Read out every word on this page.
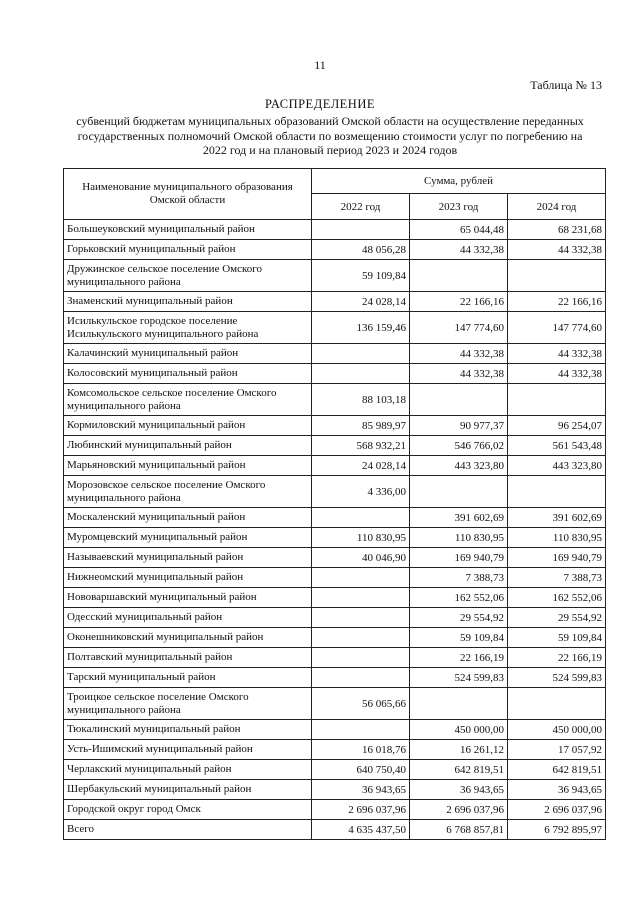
11
Таблица № 13
РАСПРЕДЕЛЕНИЕ
субвенций бюджетам муниципальных образований Омской области на осуществление переданных государственных полномочий Омской области по возмещению стоимости услуг по погребению на 2022 год и на плановый период 2023 и 2024 годов
Наименование муниципального образования Омской области	Сумма, рублей		
	2022 год	2023 год	2024 год
Большеуковский муниципальный район		65 044,48	68 231,68
Горьковский муниципальный район	48 056,28	44 332,38	44 332,38
Дружинское сельское поселение Омского муниципального района	59 109,84		
Знаменский муниципальный район	24 028,14	22 166,16	22 166,16
Исилькульское городское поселение Исилькульского муниципального района	136 159,46	147 774,60	147 774,60
Калачинский муниципальный район		44 332,38	44 332,38
Колосовский муниципальный район		44 332,38	44 332,38
Комсомольское сельское поселение Омского муниципального района	88 103,18		
Кормиловский муниципальный район	85 989,97	90 977,37	96 254,07
Любинский муниципальный район	568 932,21	546 766,02	561 543,48
Марьяновский муниципальный район	24 028,14	443 323,80	443 323,80
Морозовское сельское поселение Омского муниципального района	4 336,00		
Москаленский муниципальный район		391 602,69	391 602,69
Муромцевский муниципальный район	110 830,95	110 830,95	110 830,95
Называевский муниципальный район	40 046,90	169 940,79	169 940,79
Нижнеомский муниципальный район		7 388,73	7 388,73
Нововаршавский муниципальный район		162 552,06	162 552,06
Одесский муниципальный район		29 554,92	29 554,92
Оконешниковский муниципальный район		59 109,84	59 109,84
Полтавский муниципальный район		22 166,19	22 166,19
Тарский муниципальный район		524 599,83	524 599,83
Троицкое сельское поселение Омского муниципального района	56 065,66		
Тюкалинский муниципальный район		450 000,00	450 000,00
Усть-Ишимский муниципальный район	16 018,76	16 261,12	17 057,92
Черлакский муниципальный район	640 750,40	642 819,51	642 819,51
Шербакульский муниципальный район	36 943,65	36 943,65	36 943,65
Городской округ город Омск	2 696 037,96	2 696 037,96	2 696 037,96
Всего	4 635 437,50	6 768 857,81	6 792 895,97
